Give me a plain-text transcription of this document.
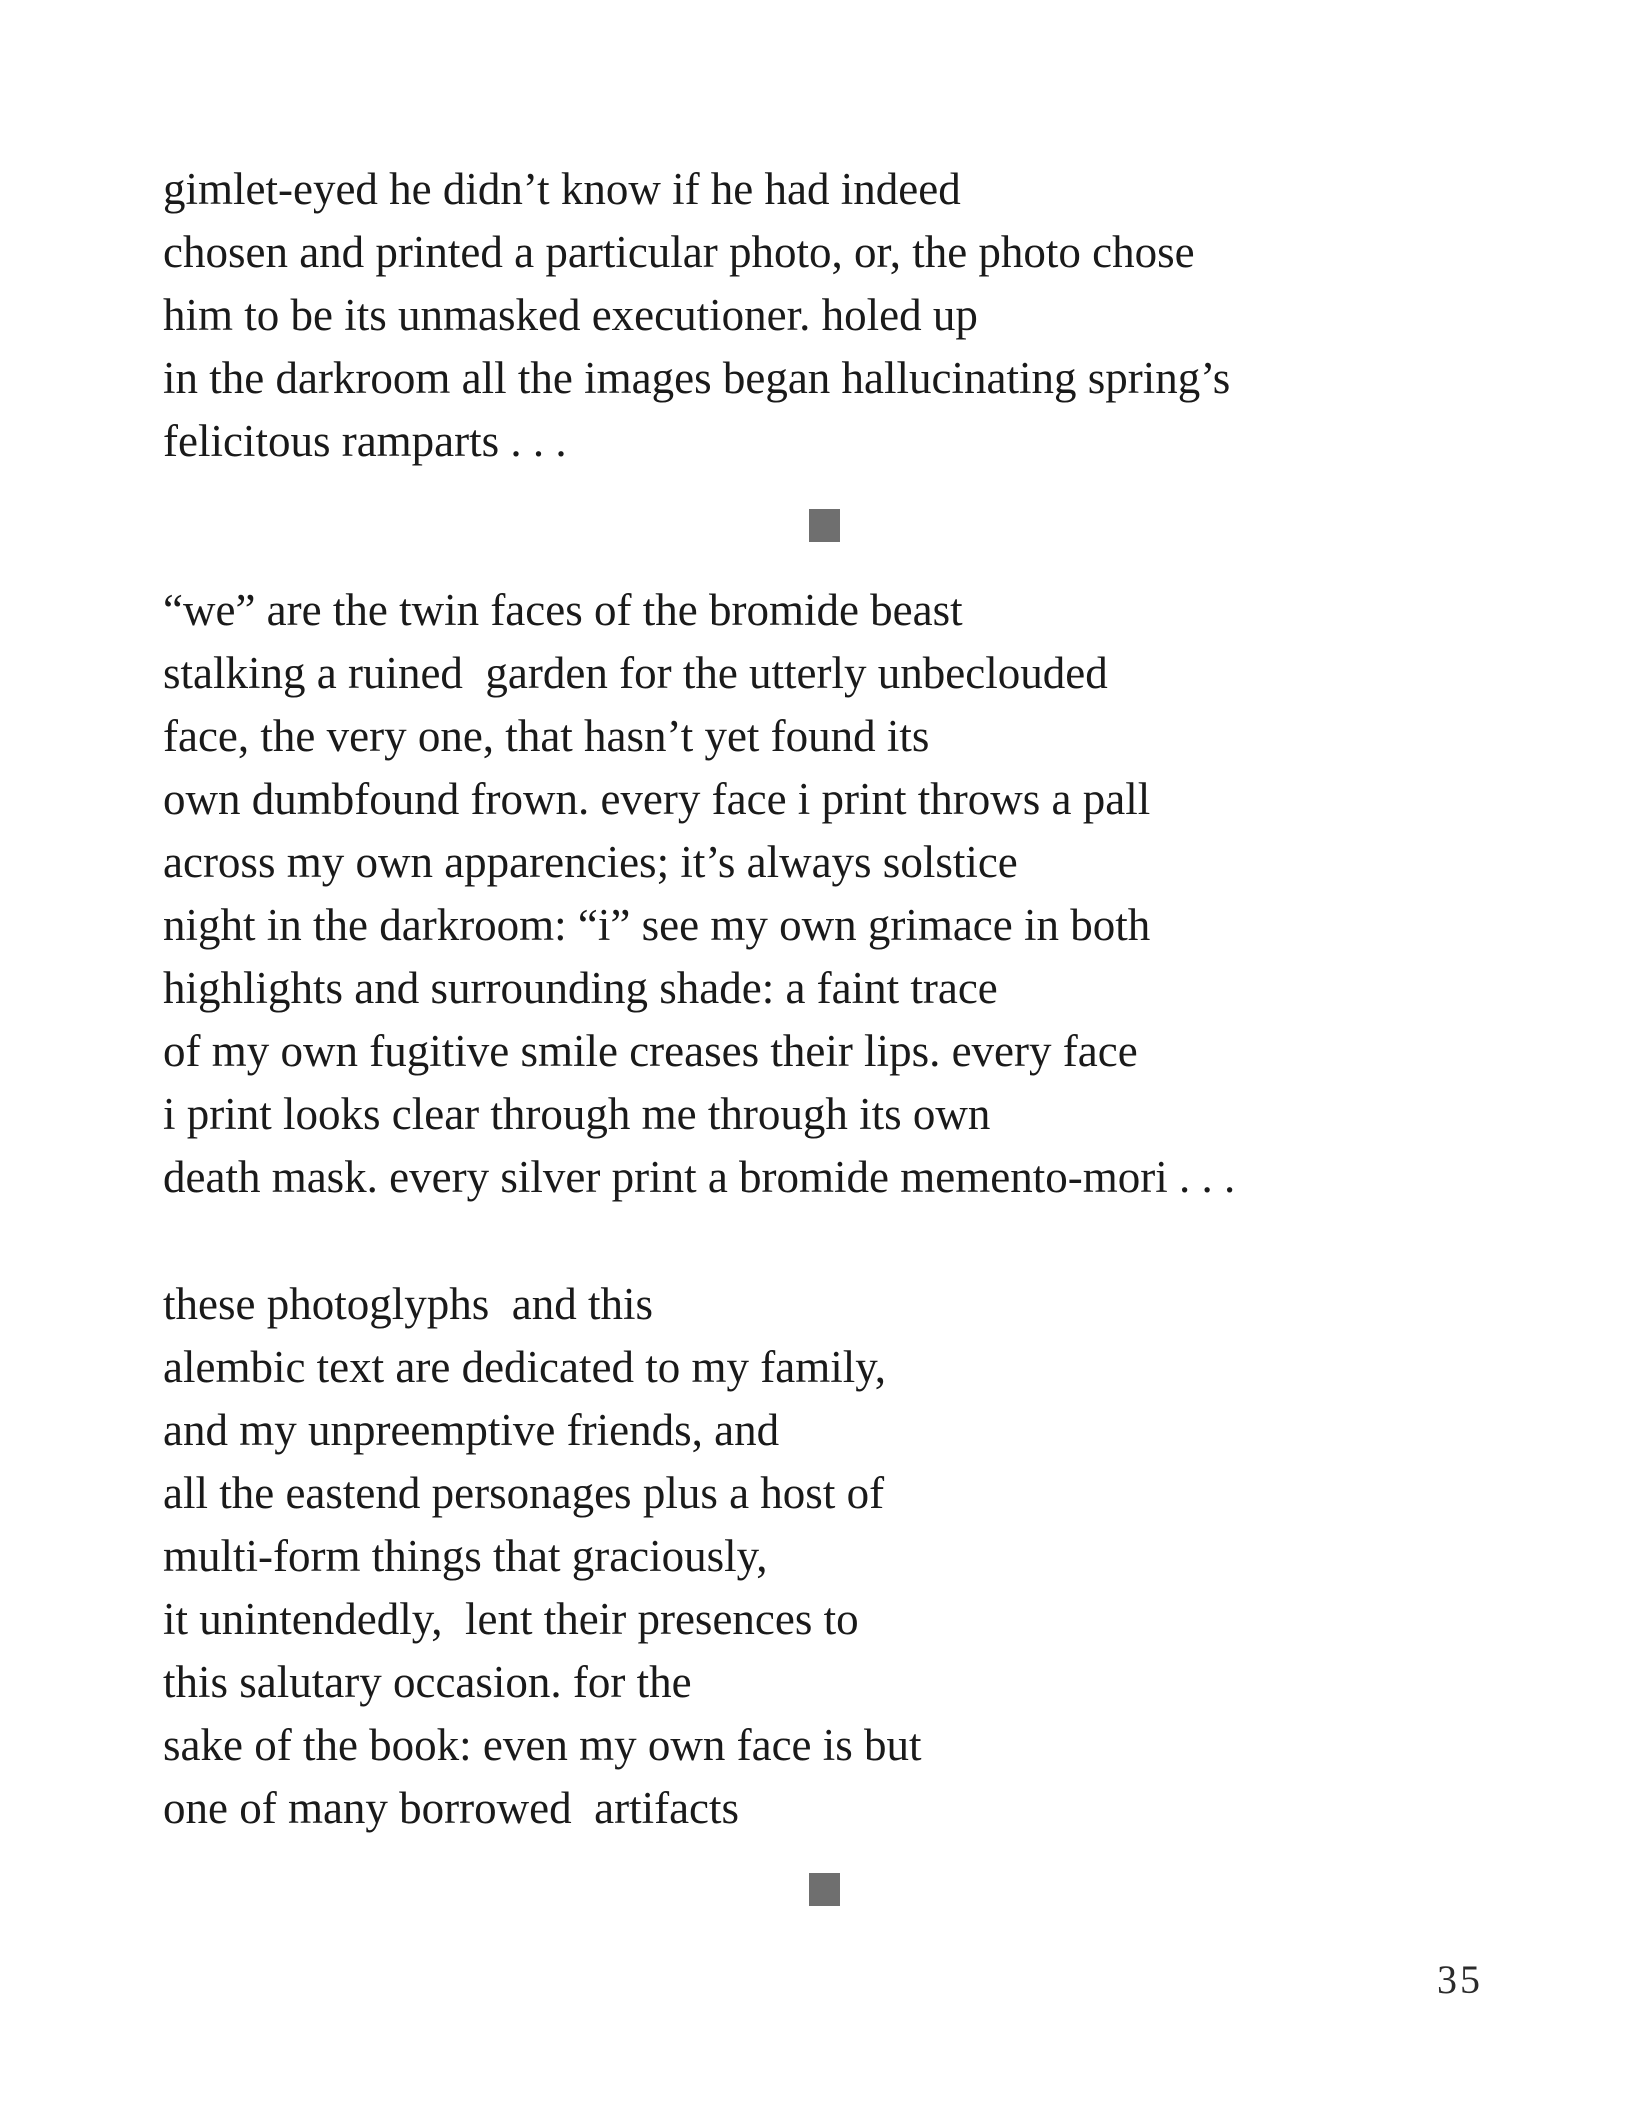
gimlet-eyed he didn’t know if he had indeed
chosen and printed a particular photo, or, the photo chose
him to be its unmasked executioner. holed up
in the darkroom all the images began hallucinating spring’s
felicitous ramparts . . .
“we” are the twin faces of the bromide beast
stalking a ruined  garden for the utterly unbeclouded
face, the very one, that hasn’t yet found its
own dumbfound frown. every face i print throws a pall
across my own apparencies; it’s always solstice
night in the darkroom: “i” see my own grimace in both
highlights and surrounding shade: a faint trace
of my own fugitive smile creases their lips. every face
i print looks clear through me through its own
death mask. every silver print a bromide memento-mori . . .
these photoglyphs  and this
alembic text are dedicated to my family,
and my unpreemptive friends, and
all the eastend personages plus a host of
multi-form things that graciously,
it unintendedly,  lent their presences to
this salutary occasion. for the
sake of the book: even my own face is but
one of many borrowed  artifacts
35
